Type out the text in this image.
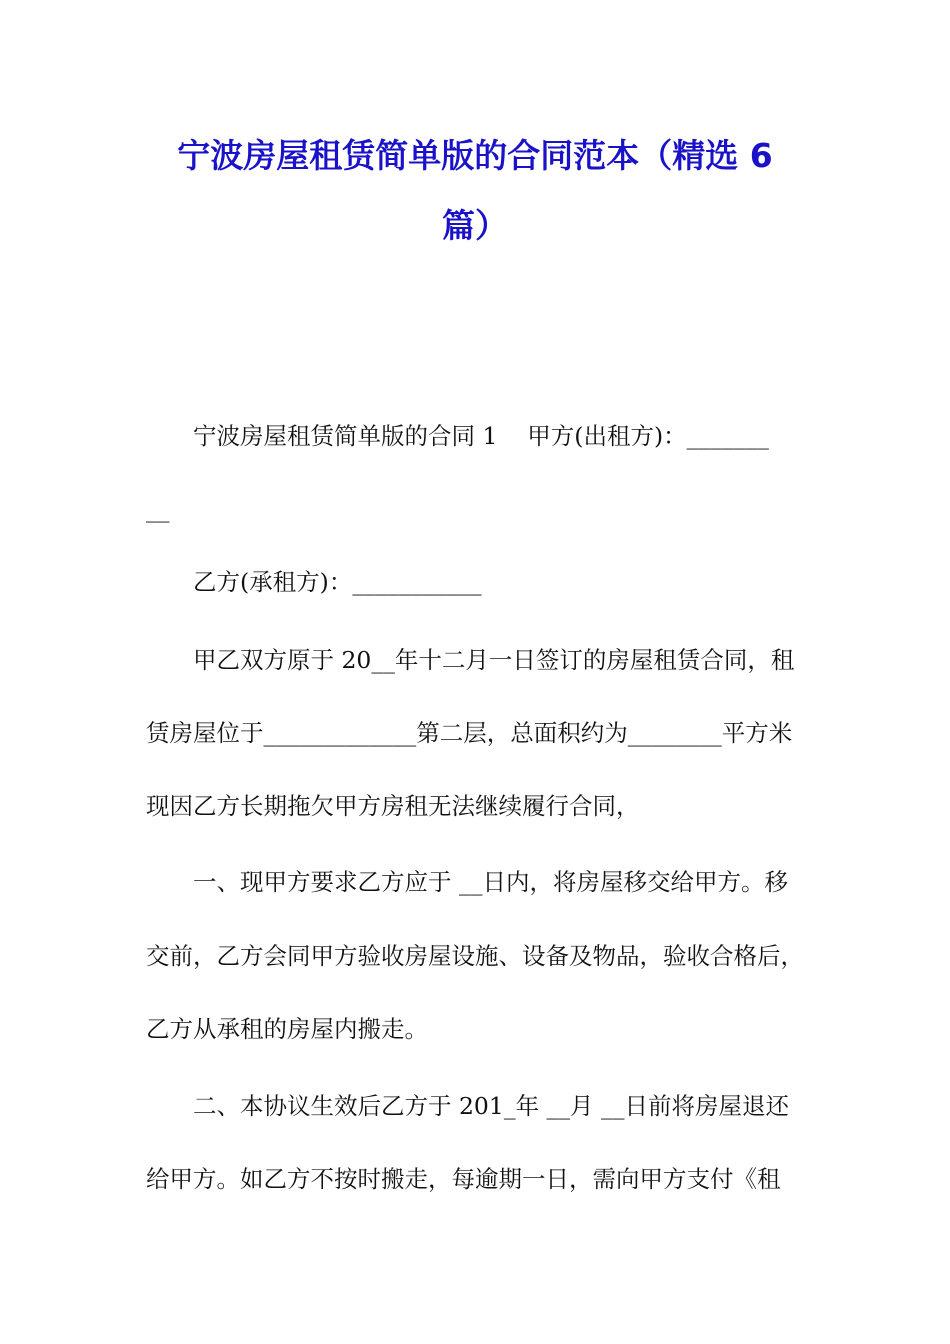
宁波房屋租赁简单版的合同范本（精选 6
篇）
宁波房屋租赁简单版的合同 1    甲方(出租方)：_______
__
乙方(承租方)：___________
甲乙双方原于 20__年十二月一日签订的房屋租赁合同，租
赁房屋位于_____________第二层，总面积约为________平方米
现因乙方长期拖欠甲方房租无法继续履行合同，
一、现甲方要求乙方应于 __日内，将房屋移交给甲方。移
交前，乙方会同甲方验收房屋设施、设备及物品，验收合格后，
乙方从承租的房屋内搬走。
二、本协议生效后乙方于 201_年 __月 __日前将房屋退还
给甲方。如乙方不按时搬走，每逾期一日，需向甲方支付《租
